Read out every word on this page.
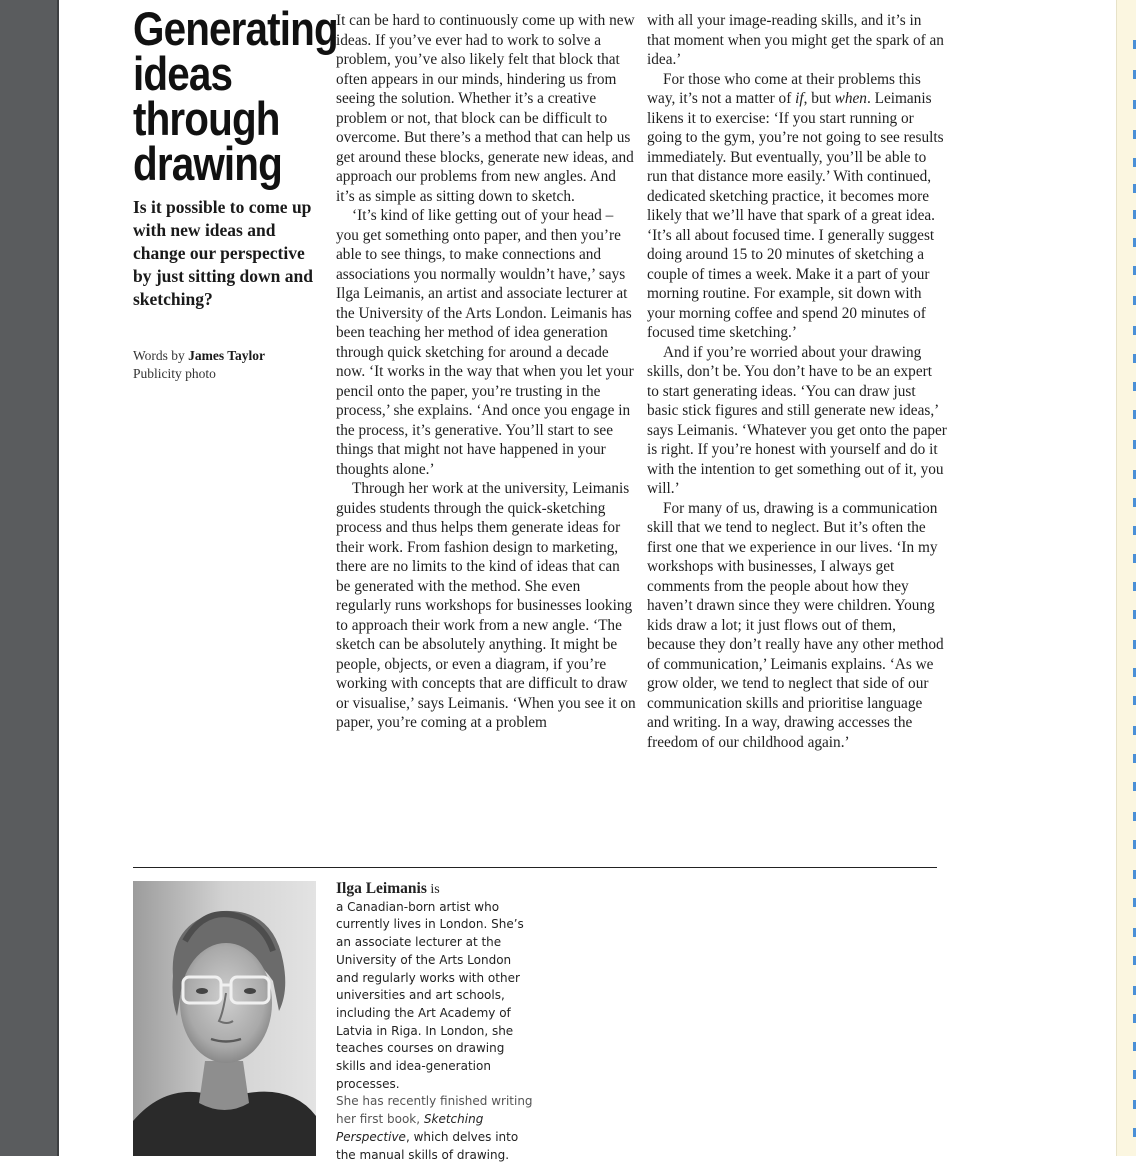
Generating
ideas
through
drawing
Is it possible to come up with new ideas and change our perspective by just sitting down and sketching?
Words by James Taylor
Publicity photo

It can be hard to continuously come up with new ideas. If you’ve ever had to work to solve a problem, you’ve also likely felt that block that often appears in our minds, hindering us from seeing the solution. Whether it’s a creative problem or not, that block can be difficult to overcome. But there’s a method that can help us get around these blocks, generate new ideas, and approach our problems from new angles. And it’s as simple as sitting down to sketch.

‘It’s kind of like getting out of your head – you get something onto paper, and then you’re able to see things, to make connections and associations you normally wouldn’t have,’ says Ilga Leimanis, an artist and associate lecturer at the University of the Arts London. Leimanis has been teaching her method of idea generation through quick sketching for around a decade now. ‘It works in the way that when you let your pencil onto the paper, you’re trusting in the process,’ she explains. ‘And once you engage in the process, it’s generative. You’ll start to see things that might not have happened in your thoughts alone.’

Through her work at the university, Leimanis guides students through the quick-sketching process and thus helps them generate ideas for their work. From fashion design to marketing, there are no limits to the kind of ideas that can be generated with the method. She even regularly runs workshops for businesses looking to approach their work from a new angle. ‘The sketch can be absolutely anything. It might be people, objects, or even a diagram, if you’re working with concepts that are difficult to draw or visualise,’ says Leimanis. ‘When you see it on paper, you’re coming at a problem

with all your image-reading skills, and it’s in that moment when you might get the spark of an idea.’

For those who come at their problems this way, it’s not a matter of if, but when. Leimanis likens it to exercise: ‘If you start running or going to the gym, you’re not going to see results immediately. But eventually, you’ll be able to run that distance more easily.’ With continued, dedicated sketching practice, it becomes more likely that we’ll have that spark of a great idea. ‘It’s all about focused time. I generally suggest doing around 15 to 20 minutes of sketching a couple of times a week. Make it a part of your morning routine. For example, sit down with your morning coffee and spend 20 minutes of focused time sketching.’

And if you’re worried about your drawing skills, don’t be. You don’t have to be an expert to start generating ideas. ‘You can draw just basic stick figures and still generate new ideas,’ says Leimanis. ‘Whatever you get onto the paper is right. If you’re honest with yourself and do it with the intention to get something out of it, you will.’

For many of us, drawing is a communication skill that we tend to neglect. But it’s often the first one that we experience in our lives. ‘In my workshops with businesses, I always get comments from the people about how they haven’t drawn since they were children. Young kids draw a lot; it just flows out of them, because they don’t really have any other method of communication,’ Leimanis explains. ‘As we grow older, we tend to neglect that side of our communication skills and prioritise language and writing. In a way, drawing accesses the freedom of our childhood again.’

Ilga Leimanis is
a Canadian-born artist who currently lives in London. She’s an associate lecturer at the University of the Arts London and regularly works with other universities and art schools, including the Art Academy of Latvia in Riga. In London, she teaches courses on drawing skills and idea-generation processes.
She has recently finished writing her first book, Sketching Perspective, which delves into the manual skills of drawing.
